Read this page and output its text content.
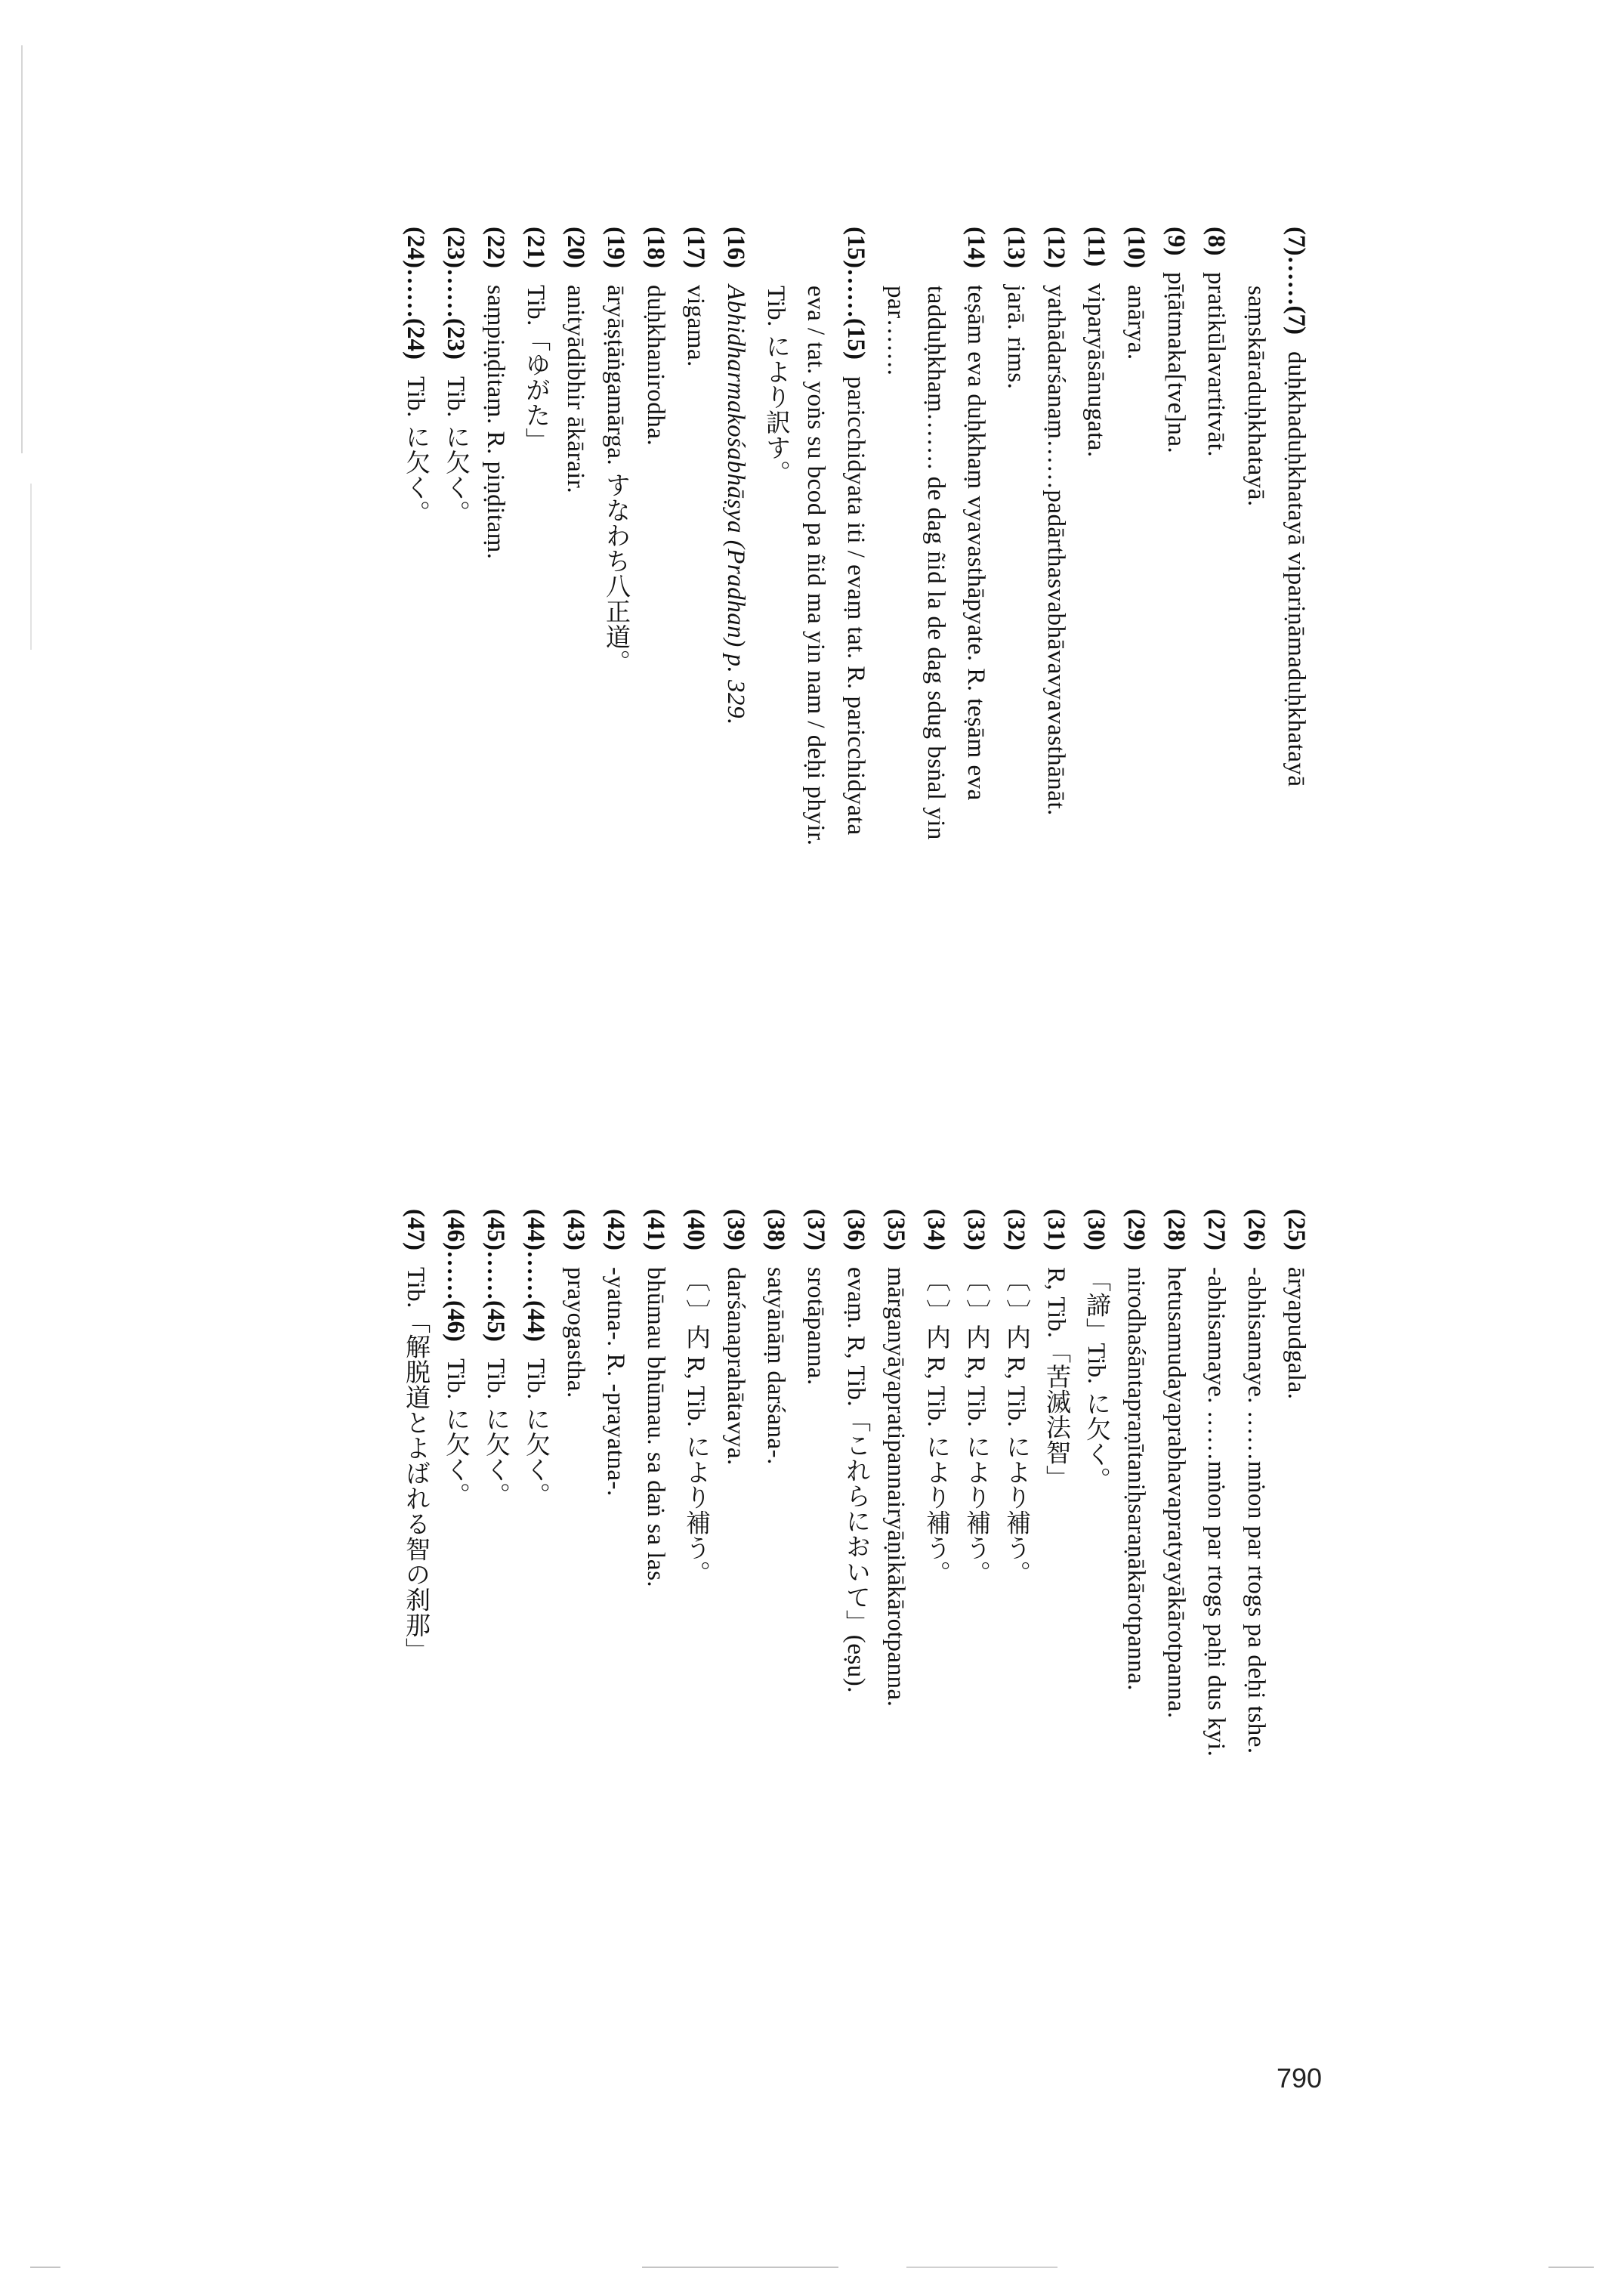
(7)……(7)duḥkhaduḥkhatayā vipariṇāmaduḥkhatayā
saṃskāraduḥkhatayā.
(8)pratikūlavartitvāt.
(9)pīṭātmaka[tve]na.
(10)anārya.
(11)viparyāsānugata.
(12)yathādarśanaṃ……padārthasvabhāvavyavasthānāt.
(13)jarā. rims.
(14)teṣām eva duḥkhaṃ vyavasthāpyate. R. teṣām eva
tadduḥkhaṃ……. de dag ñid la de dag sdug bsṅal yin
par…….
(15)……(15)paricchidyata iti / evaṃ tat. R. paricchidyata
eva / tat. yoṅs su bcod pa ñid ma yin nam / deḥi phyir.
Tib. により訳す。
(16)Abhidharmakośabhāṣya (Pradhan) p. 329.
(17)vigama.
(18)duḥkhanirodha.
(19)āryāṣṭāṅgamārga. すなわち八正道。
(20)anityādibhir ākārair.
(21)Tib.「ゆがた」
(22)saṃpiṇḍitaṃ. R. piṇḍitaṃ.
(23)……(23)Tib. に欠く。
(24)……(24)Tib. に欠く。
(25)āryapudgala.
(26)-abhisamaye. ……mṅon par rtogs pa deḥi tshe.
(27)-abhisamaye. ……mṅon par rtogs paḥi dus kyi.
(28)hetusamudayaprabhavapratyayākārotpanna.
(29)nirodhaśāntapraṇītaniḥsaraṇākārotpanna.
(30)「諦」Tib. に欠く。
(31)R, Tib.「苦滅法智」
(32)〔 〕内 R, Tib. により補う。
(33)〔 〕内 R, Tib. により補う。
(34)〔 〕内 R, Tib. により補う。
(35)mārganyāyapratipannairyāṇikākārotpanna.
(36)evaṃ. R, Tib.「これらにおいて」(eṣu).
(37)srotāpanna.
(38)satyānāṃ darśana-.
(39)darśanaprahātavya.
(40)〔 〕内 R, Tib. により補う。
(41)bhūmau bhūmau. sa daṅ sa las.
(42)-yatna-. R. -prayatna-.
(43)prayogastha.
(44)……(44)Tib. に欠く。
(45)……(45)Tib. に欠く。
(46)……(46)Tib. に欠く。
(47)Tib.「解脱道とよばれる智の刹那」
790
